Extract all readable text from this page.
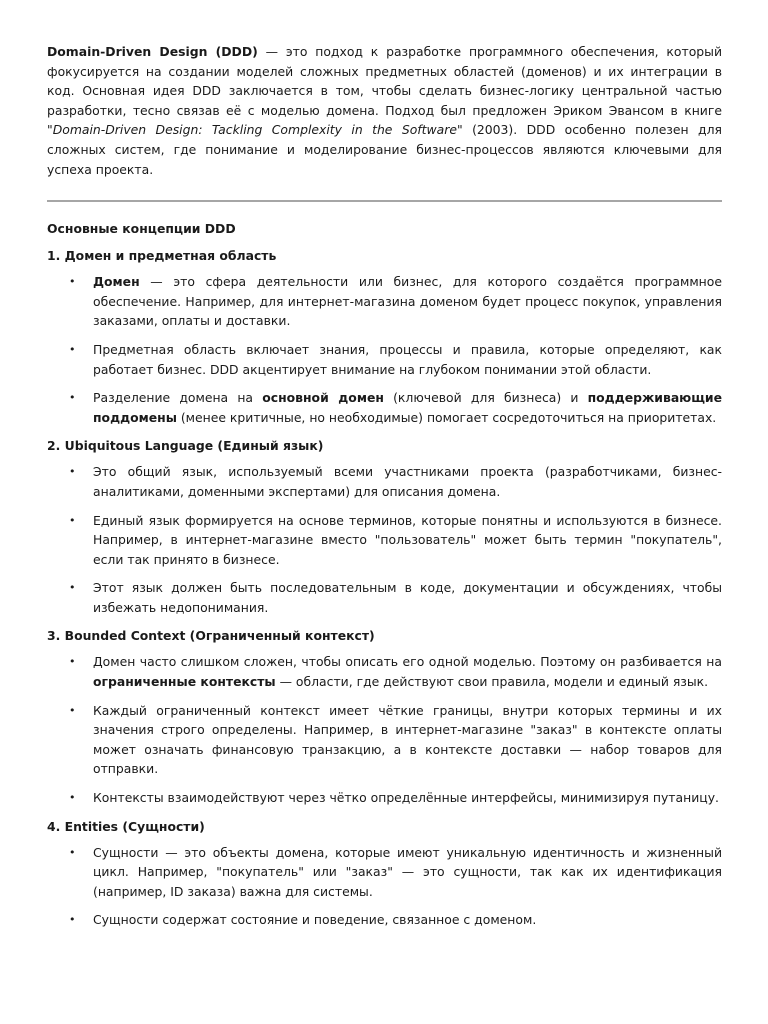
Domain-Driven Design (DDD) — это подход к разработке программного обеспечения, который фокусируется на создании моделей сложных предметных областей (доменов) и их интеграции в код. Основная идея DDD заключается в том, чтобы сделать бизнес-логику центральной частью разработки, тесно связав её с моделью домена. Подход был предложен Эриком Эвансом в книге "Domain-Driven Design: Tackling Complexity in the Software" (2003). DDD особенно полезен для сложных систем, где понимание и моделирование бизнес-процессов являются ключевыми для успеха проекта.

Основные концепции DDD
1. Домен и предметная область
• Домен — это сфера деятельности или бизнес, для которого создаётся программное обеспечение. Например, для интернет-магазина доменом будет процесс покупок, управления заказами, оплаты и доставки.
• Предметная область включает знания, процессы и правила, которые определяют, как работает бизнес. DDD акцентирует внимание на глубоком понимании этой области.
• Разделение домена на основной домен (ключевой для бизнеса) и поддерживающие поддомены (менее критичные, но необходимые) помогает сосредоточиться на приоритетах.
2. Ubiquitous Language (Единый язык)
• Это общий язык, используемый всеми участниками проекта (разработчиками, бизнес-аналитиками, доменными экспертами) для описания домена.
• Единый язык формируется на основе терминов, которые понятны и используются в бизнесе. Например, в интернет-магазине вместо "пользователь" может быть термин "покупатель", если так принято в бизнесе.
• Этот язык должен быть последовательным в коде, документации и обсуждениях, чтобы избежать недопонимания.
3. Bounded Context (Ограниченный контекст)
• Домен часто слишком сложен, чтобы описать его одной моделью. Поэтому он разбивается на ограниченные контексты — области, где действуют свои правила, модели и единый язык.
• Каждый ограниченный контекст имеет чёткие границы, внутри которых термины и их значения строго определены. Например, в интернет-магазине "заказ" в контексте оплаты может означать финансовую транзакцию, а в контексте доставки — набор товаров для отправки.
• Контексты взаимодействуют через чётко определённые интерфейсы, минимизируя путаницу.
4. Entities (Сущности)
• Сущности — это объекты домена, которые имеют уникальную идентичность и жизненный цикл. Например, "покупатель" или "заказ" — это сущности, так как их идентификация (например, ID заказа) важна для системы.
• Сущности содержат состояние и поведение, связанное с доменом.
